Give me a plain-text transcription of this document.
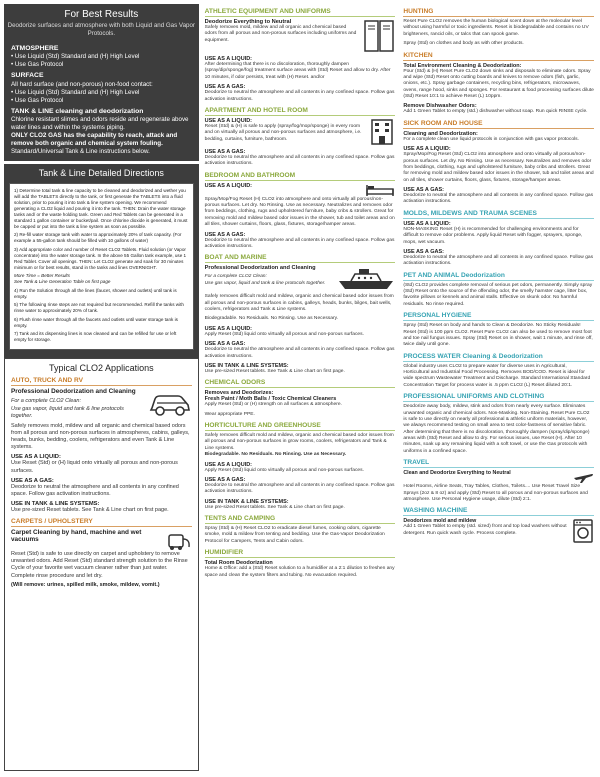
For Best Results
Deodorize surfaces and atmosphere with both Liquid and Gas Vapor Protocols.
ATMOSPHERE
• Use Liquid (Std) Standard and (H) High Level
• Use Gas Protocol
SURFACE
All hard surface (and non-porous) non-food contact:
• Use Liquid (Std) Standard and (H) High Level
• Use Gas Protocol
TANK & LINE cleaning and deodorization
Chlorine resistant slimes and odors reside and regenerate above water lines and within the systems piping.
ONLY CLO2 GAS has the capability to reach, attack and remove both organic and chemical system fouling.
Standard/Universal Tank & Line instructions below.
Tank & Line Detailed Directions

1) Determine total tank & line capacity to be cleaned and deodorized and wether you will add the TABLETS directly to the tank, or first generate the TABLETS into a fluid solution, prior to pouring it into tank & line system opening. We recommend generating a CLO2 liquid and pouring it into the tank. THEN: Drain the water storage tanks and/ or the waste holding tank. Green and Red Tablets can be generated in a standard 1 gallon container or bucket/pail. Once chlorine dioxide is generated, it must be capped or put into the tank & line system as soon as possible.

2) Re-fill water storage tank with water to approximately 20% of tank capacity. (For example a 55-gallon tank should be filled with 10 gallons of water)

3) Add appropriate color and number of Reset CLO2 Tablets. Fluid solution (or Vapor concentrate) into the water storage tank. In the above 55 Gallon tank example, use 1 Red Tablet. Cover all openings. THEN: Let CLO2 generate and soak for 30 minutes minimum or for best results, stand in the tanks and lines OVERNIGHT.

More Time = Better Results

See Tank & Line Generation Table on first page

4) Run the Solution through all the lines (faucet, shower and outlets) until tank is empty.

5) The following rinse steps are not required but recommended. Refill the tanks with rinse water to approximately 20% of tank.

6) Flush rinse water through all the faucets and outlets until water storage tank is empty.

7) Tank and its dispensing lines is now cleaned and can be refilled for use or left empty for storage.

Typical CLO2 Applications
AUTO, TRUCK AND RV
Professional Deodorization and Cleaning
For a complete CLO2 Clean:
Use gas vapor, liquid and tank & line protocols together.
Safely removes mold, mildew and all organic and chemical based odors from all porous and non-porous surfaces in atmospheres, cabins, galleys, heads, bunks, bedding, coolers, refrigerators and even Tank & Line systems.
USE AS A LIQUID:
Use Reset (Std) or (H) liquid onto virtually all porous and non-porous surfaces.
USE AS A GAS:
Deodorize to neutral the atmosphere and all contents in any confined space. Follow gas activation instructions.
USE IN TANK & LINE SYSTEMS:
Use pre-sized Reset tablets. See Tank & Line chart on first page.
CARPETS / UPHOLSTERY
Carpet Cleaning by hand, machine and wet vacuums
Reset (Std) is safe to use directly on carpet and upholstery to remove unwanted odors. Add Reset (Std) standard strength solution to the Rinse Cycle of your favorite wet vacuum cleaner rather than just water. Complete rinse procedure and let dry.
(Will remove: urines, spilled milk, smoke, mildew, vomit.)
ATHLETIC EQUIPMENT AND UNIFORMS
Deodorize Everything to Neutral
Safely removes mold, mildew and all organic and chemical based odors from all porous and non-porous surfaces including uniforms and equipment.
USE AS A LIQUID:
After determining that there is no discoloration, thoroughly dampen (spray/dip/sponge/fog) treatment surface areas with (Std) Reset and allow to dry. After 10 minutes, if odor persists, treat with (H) Reset. and/or
USE AS A GAS:
Deodorize to neutral the atmosphere and all contents in any confined space. Follow gas activation instructions.
APARTMENT AND HOTEL ROOM
USE AS A LIQUID:
Reset (Std) & (H) is safe to apply (spray/fog/mop/sponge) in every room and on virtually all porous and non-porous surfaces and atmosphere, i.e. bedding, curtains, furniture, bathroom.
USE AS A GAS:
Deodorize to neutral the atmosphere and all contents in any confined space. Follow gas activation instructions.
BEDROOM AND BATHROOM
USE AS A LIQUID:
Spray/Mop/Fog Reset (H) CLO2 into atmosphere and onto virtually all porous/non-porous surfaces. Let dry. No Rinsing. Use as necessary. Neutralizes and removes odor from beddings, clothing, rugs and upholstered furniture, baby cribs & strollers. Great for removing mold and mildew based odor issues in the shower, tub and toilet areas and on all tiles, shower curtains, floors, glass, fixtures, storage/hamper areas.
USE AS A GAS:
Deodorize to neutral the atmosphere and all contents in any confined space. Follow gas activation instructions.
BOAT AND MARINE
Professional Deodorization and Cleaning
For a complete CLO2 Clean:
Use gas vapor, liquid and tank & line protocols together.
Safely removes difficult mold and mildew, organic and chemical based odor issues from all porous and non-porous surfaces in cabins, galleys, heads, bunks, bilges, bait wells, coolers, refrigerators and Tank & Line systems.
Biodegradable. No Residuals. No Rinsing. Use as Necessary.
USE AS A LIQUID:
Apply Reset (Std) liquid onto virtually all porous and non-porous surfaces.
USE AS A GAS:
Deodorize to neutral the atmosphere and all contents in any confined space. Follow gas activation instructions.
USE IN TANK & LINE SYSTEMS:
Use pre-sized Reset tablets. See Tank & Line chart on first page.
CHEMICAL ODORS
Removes and Deodorizes:
Fresh Paint / Moth Balls / Toxic Chemical Cleaners
Apply Reset (Std) or (H) strength on all surfaces & atmosphere.
Wear appropriate PPE.
HORTICULTURE AND GREENHOUSE
Safely removes difficult mold and mildew, organic and chemical based odor issues from all porous and non-porous surfaces in grow rooms, coolers, refrigerators and Tank & Line systems.
Biodegradable. No Residuals. No Rinsing. Use as Necessary.
USE AS A LIQUID:
Apply Reset (Std) liquid onto virtually all porous and non-porous surfaces.
USE AS A GAS:
Deodorize to neutral the atmosphere and all contents in any confined space. Follow gas activation instructions.
USE IN TANK & LINE SYSTEMS:
Use pre-sized Reset tablets. See Tank & Line chart on first page.
TENTS AND CAMPING
Spray (Std) & (H) Reset CLO2 to eradicate diesel fumes, cooking odors, cigarette smoke, mold & mildew from tenting and bedding. Use the Gas-Vapor Deodorization Protocol for Campers, Tents and Cabin odors.
HUMIDIFIER
Total Room Deodorization
Home & Office: add a (Std) Reset solution to a humidifier at a 2:1 dilution to freshen any space and clean the system filters and tubing. No evacuation required.
HUNTING
Reset Pure CLO2 removes the human biological scent down at the molecular level without using harmful or toxic ingredients. Reset is biodegradable and contains no UV brighteners, rancid oils, or talcs that can spook game.
Spray (Std) on clothes and body as with other products.
KITCHEN
Total Environment Cleaning & Deodorization:
Pour (Std) & (H) Reset Pure CLO2 down sinks and disposals to eliminate odors. Spray and wipe (Std) Reset onto cutting boards and knives to remove odors (fish, garlic, onions, etc.). Spray garbage containers, recycling bins, refrigerators, microwaves, ovens, range hood, sinks and sponges. For restaurant & food processing surfaces dilute (Std) Reset 10:1 to achieve Reset (L) 10ppm.
Remove Dishwasher Odors:
Add 1 Green Tablet to empty (std.) dishwasher without soap. Run quick RINSE cycle.
SICK ROOM AND HOUSE
Cleaning and Deodorization:
For a complete clean use liquid protocols in conjunction with gas vapor protocols.
USE AS A LIQUID:
Spray/Mop/Fog Reset (Std) CLO2 into atmosphere and onto virtually all porous/non-porous surfaces. Let dry. No Rinsing. Use as necessary. Neutralizes and removes odor from beddings, clothing, rugs and upholstered furniture, baby cribs and strollers. Great for removing mold and mildew based odor issues in the shower, tub and toilet areas and on all tiles, shower curtains, floors, glass, fixtures, storage/hamper areas.
USE AS A GAS:
Deodorize to neutral the atmosphere and all contents in any confined space. Follow gas activation instructions.
MOLDS, MILDEWS AND TRAUMA SCENES
USE AS A LIQUID:
NON-MASKING Reset (H) is recommended for challenging environments and for difficult to remove odor problems. Apply liquid Reset with fogger, sprayers, sponge, mops, wet vacuum.
USE AS A GAS:
Deodorize to neutral the atmosphere and all contents in any confined space. Follow gas activation instructions.
PET AND ANIMAL Deodorization
(Std) CLO2 provides complete removal of serious pet odors, permanently. Simply spray (Std) Reset onto the source of the offending odor, the smelly hamster cage, litter box, favorite pillows or kennels and animal stalls. Effective on skunk odor. No harmful residuals. No rinse required.
PERSONAL HYGIENE
Spray (Std) Reset on body and hands to Clean & Deodorize. No Sticky Residuals! Reset (Std) is 100 ppm CLO2. Reset Pure CLO2 can also be used to remove most foot and toe nail fungus issues. Spray (Std) Reset on in shower, wait 1 minute, and rinse off, twice daily until gone.
PROCESS WATER Cleaning & Deodorization
Global industry uses CLO2 to prepare water for diverse uses in Agricultural, Horticultural and Industrial Food Processing. Removes BOD/COD. Reset is ideal for wide spectrum Wastewater Treatment and Discharge. Standard International Standard Concentration Target for process water is .5 ppm CLO2 (L) Reset diluted 20:1.
PROFESSIONAL UNIFORMS AND CLOTHING
Deodorize away body, mildew, stink and odors from nearly every surface. Eliminates unwanted organic and chemical odors. Non-Masking. Non-Staining. Reset Pure CLO2 is safe to use directly on nearly all professional & athletic uniform materials, however, we always recommend testing on small area to test color-fastness of sensitive fabric. After determining that there is no discoloration, thoroughly dampen (spray/dip/sponge) areas with (Std) Reset and allow to dry. For serious issues, use Reset (H). After 10 minutes, soak up any remaining liquid with a soft towel, or use the Gas protocols with uniforms in a confined space.
TRAVEL
Clean and Deodorize Everything to Neutral
Hotel Rooms, Airline Seats, Tray Tables, Clothes, Toilets.... Use Reset Travel Size Sprays (2oz & 8 oz) and apply (Std) Reset to all porous and non-porous surfaces and atmosphere. Use Personal Hygiene usage, dilute (Std) 2:1.
WASHING MACHINE
Deodorizes mold and mildew
Add 1 Green Tablet to empty (std. sized) front and top load washers without detergent. Run quick wash cycle. Process complete.
